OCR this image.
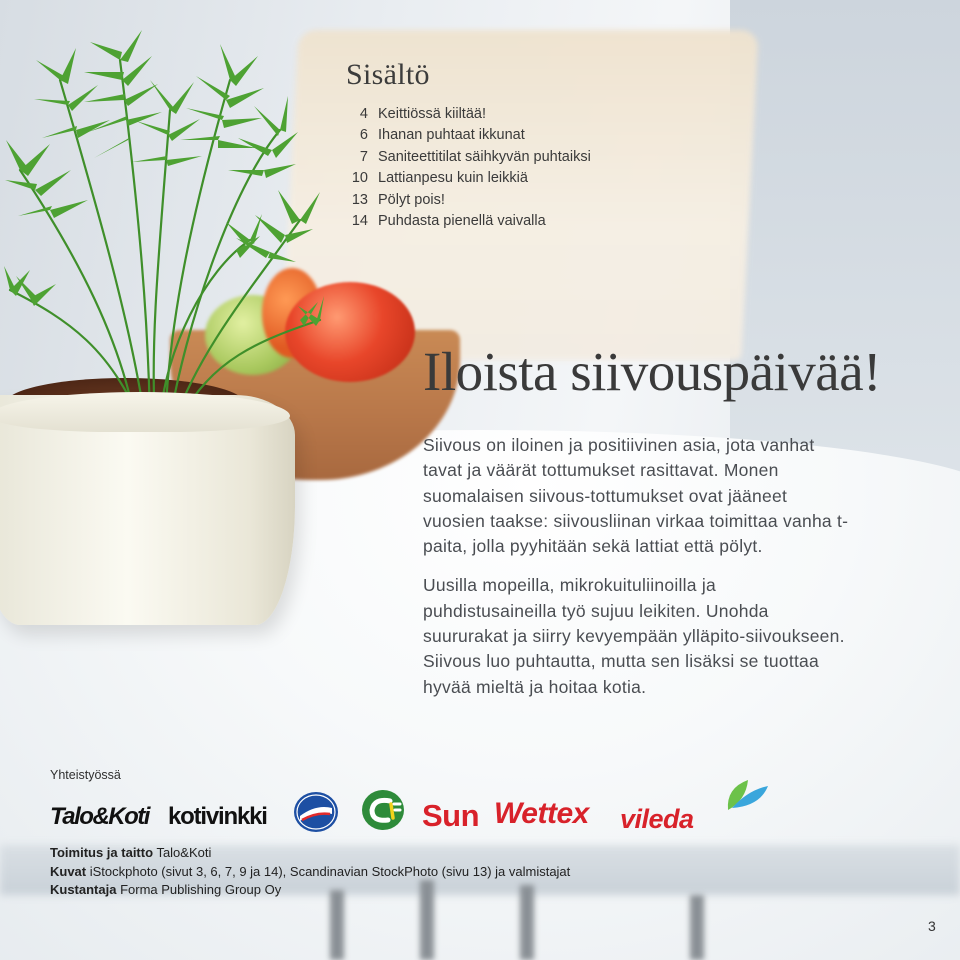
Sisältö
4 Keittiössä kiiltää!
6 Ihanan puhtaat ikkunat
7 Saniteettitilat säihkyvän puhtaiksi
10 Lattianpesu kuin leikkiä
13 Pölyt pois!
14 Puhdasta pienellä vaivalla
Iloista siivouspäivää!

Siivous on iloinen ja positiivinen asia, jota vanhat tavat ja väärät tottumukset rasittavat. Monen suomalaisen siivous-tottumukset ovat jääneet vuosien taakse: siivousliinan virkaa toimittaa vanha t-paita, jolla pyyhitään sekä lattiat että pölyt.

Uusilla mopeilla, mikrokuituliinoilla ja puhdistusaineilla työ sujuu leikiten. Unohda suururakat ja siirry kevyempään ylläpito-siivoukseen. Siivous luo puhtautta, mutta sen lisäksi se tuottaa hyvää mieltä ja hoitaa kotia.

Yhteistyössä
Talo&Koti kotivinkki	Sun Wettex vileda
Toimitus ja taitto Talo&Koti
Kuvat iStockphoto (sivut 3, 6, 7, 9 ja 14), Scandinavian StockPhoto (sivu 13) ja valmistajat
Kustantaja Forma Publishing Group Oy
3
